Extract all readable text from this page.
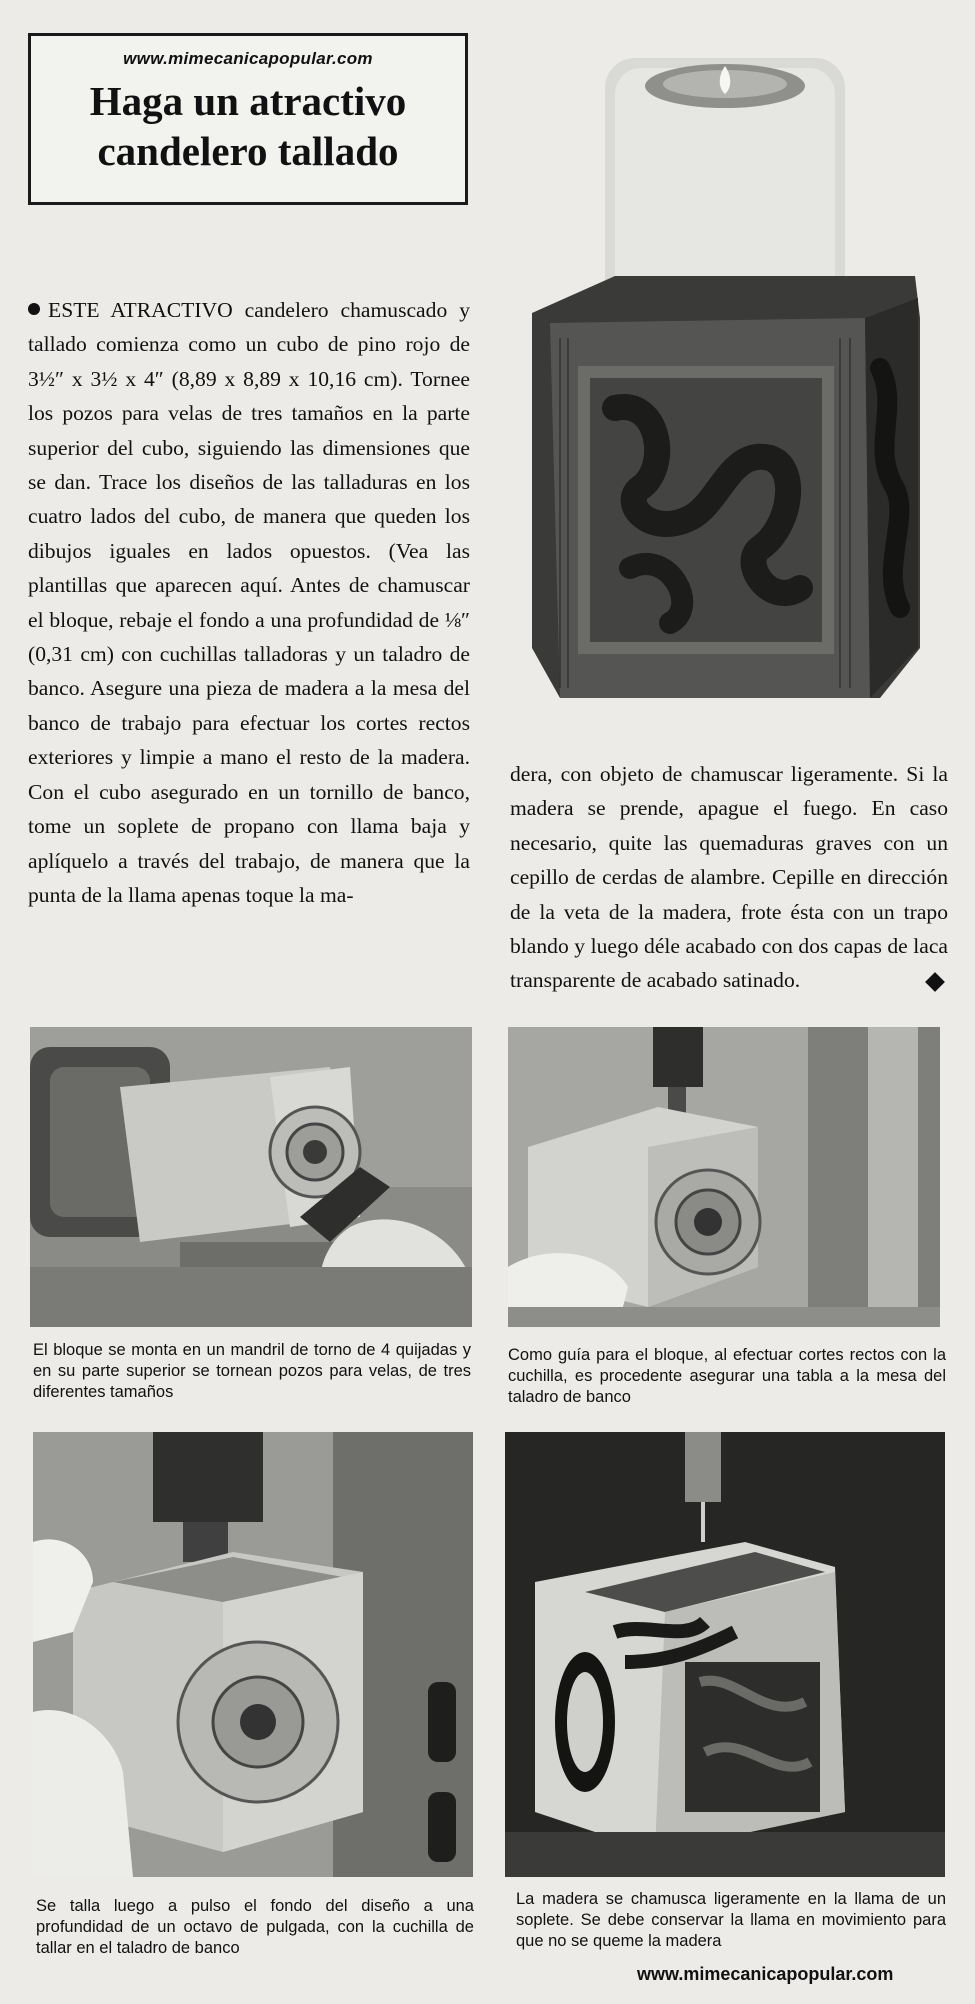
www.mimecanicapopular.com
Haga un atractivo
candelero tallado
ESTE ATRACTIVO candelero chamuscado y tallado comienza como un cubo de pino rojo de 3½″ x 3½ x 4″ (8,89 x 8,89 x 10,16 cm). Tornee los pozos para velas de tres tamaños en la parte superior del cubo, siguiendo las dimensiones que se dan. Trace los diseños de las talladuras en los cuatro lados del cubo, de manera que queden los dibujos iguales en lados opuestos. (Vea las plantillas que aparecen aquí. Antes de chamuscar el bloque, rebaje el fondo a una profundidad de ⅛″ (0,31 cm) con cuchillas talladoras y un taladro de banco. Asegure una pieza de madera a la mesa del banco de trabajo para efectuar los cortes rectos exteriores y limpie a mano el resto de la madera. Con el cubo asegurado en un tornillo de banco, tome un soplete de propano con llama baja y aplíquelo a través del trabajo, de manera que la punta de la llama apenas toque la ma-
dera, con objeto de chamuscar ligeramente. Si la madera se prende, apague el fuego. En caso necesario, quite las quemaduras graves con un cepillo de cerdas de alambre. Cepille en dirección de la veta de la madera, frote ésta con un trapo blando y luego déle acabado con dos capas de laca transparente de acabado satinado.
El bloque se monta en un mandril de torno de 4 quijadas y en su parte superior se tornean pozos para velas, de tres diferentes tamaños
Como guía para el bloque, al efectuar cortes rectos con la cuchilla, es procedente asegurar una tabla a la mesa del taladro de banco
Se talla luego a pulso el fondo del diseño a una profundidad de un octavo de pulgada, con la cuchilla de tallar en el taladro de banco
La madera se chamusca ligeramente en la llama de un soplete. Se debe conservar la llama en movimiento para que no se queme la madera
www.mimecanicapopular.com
